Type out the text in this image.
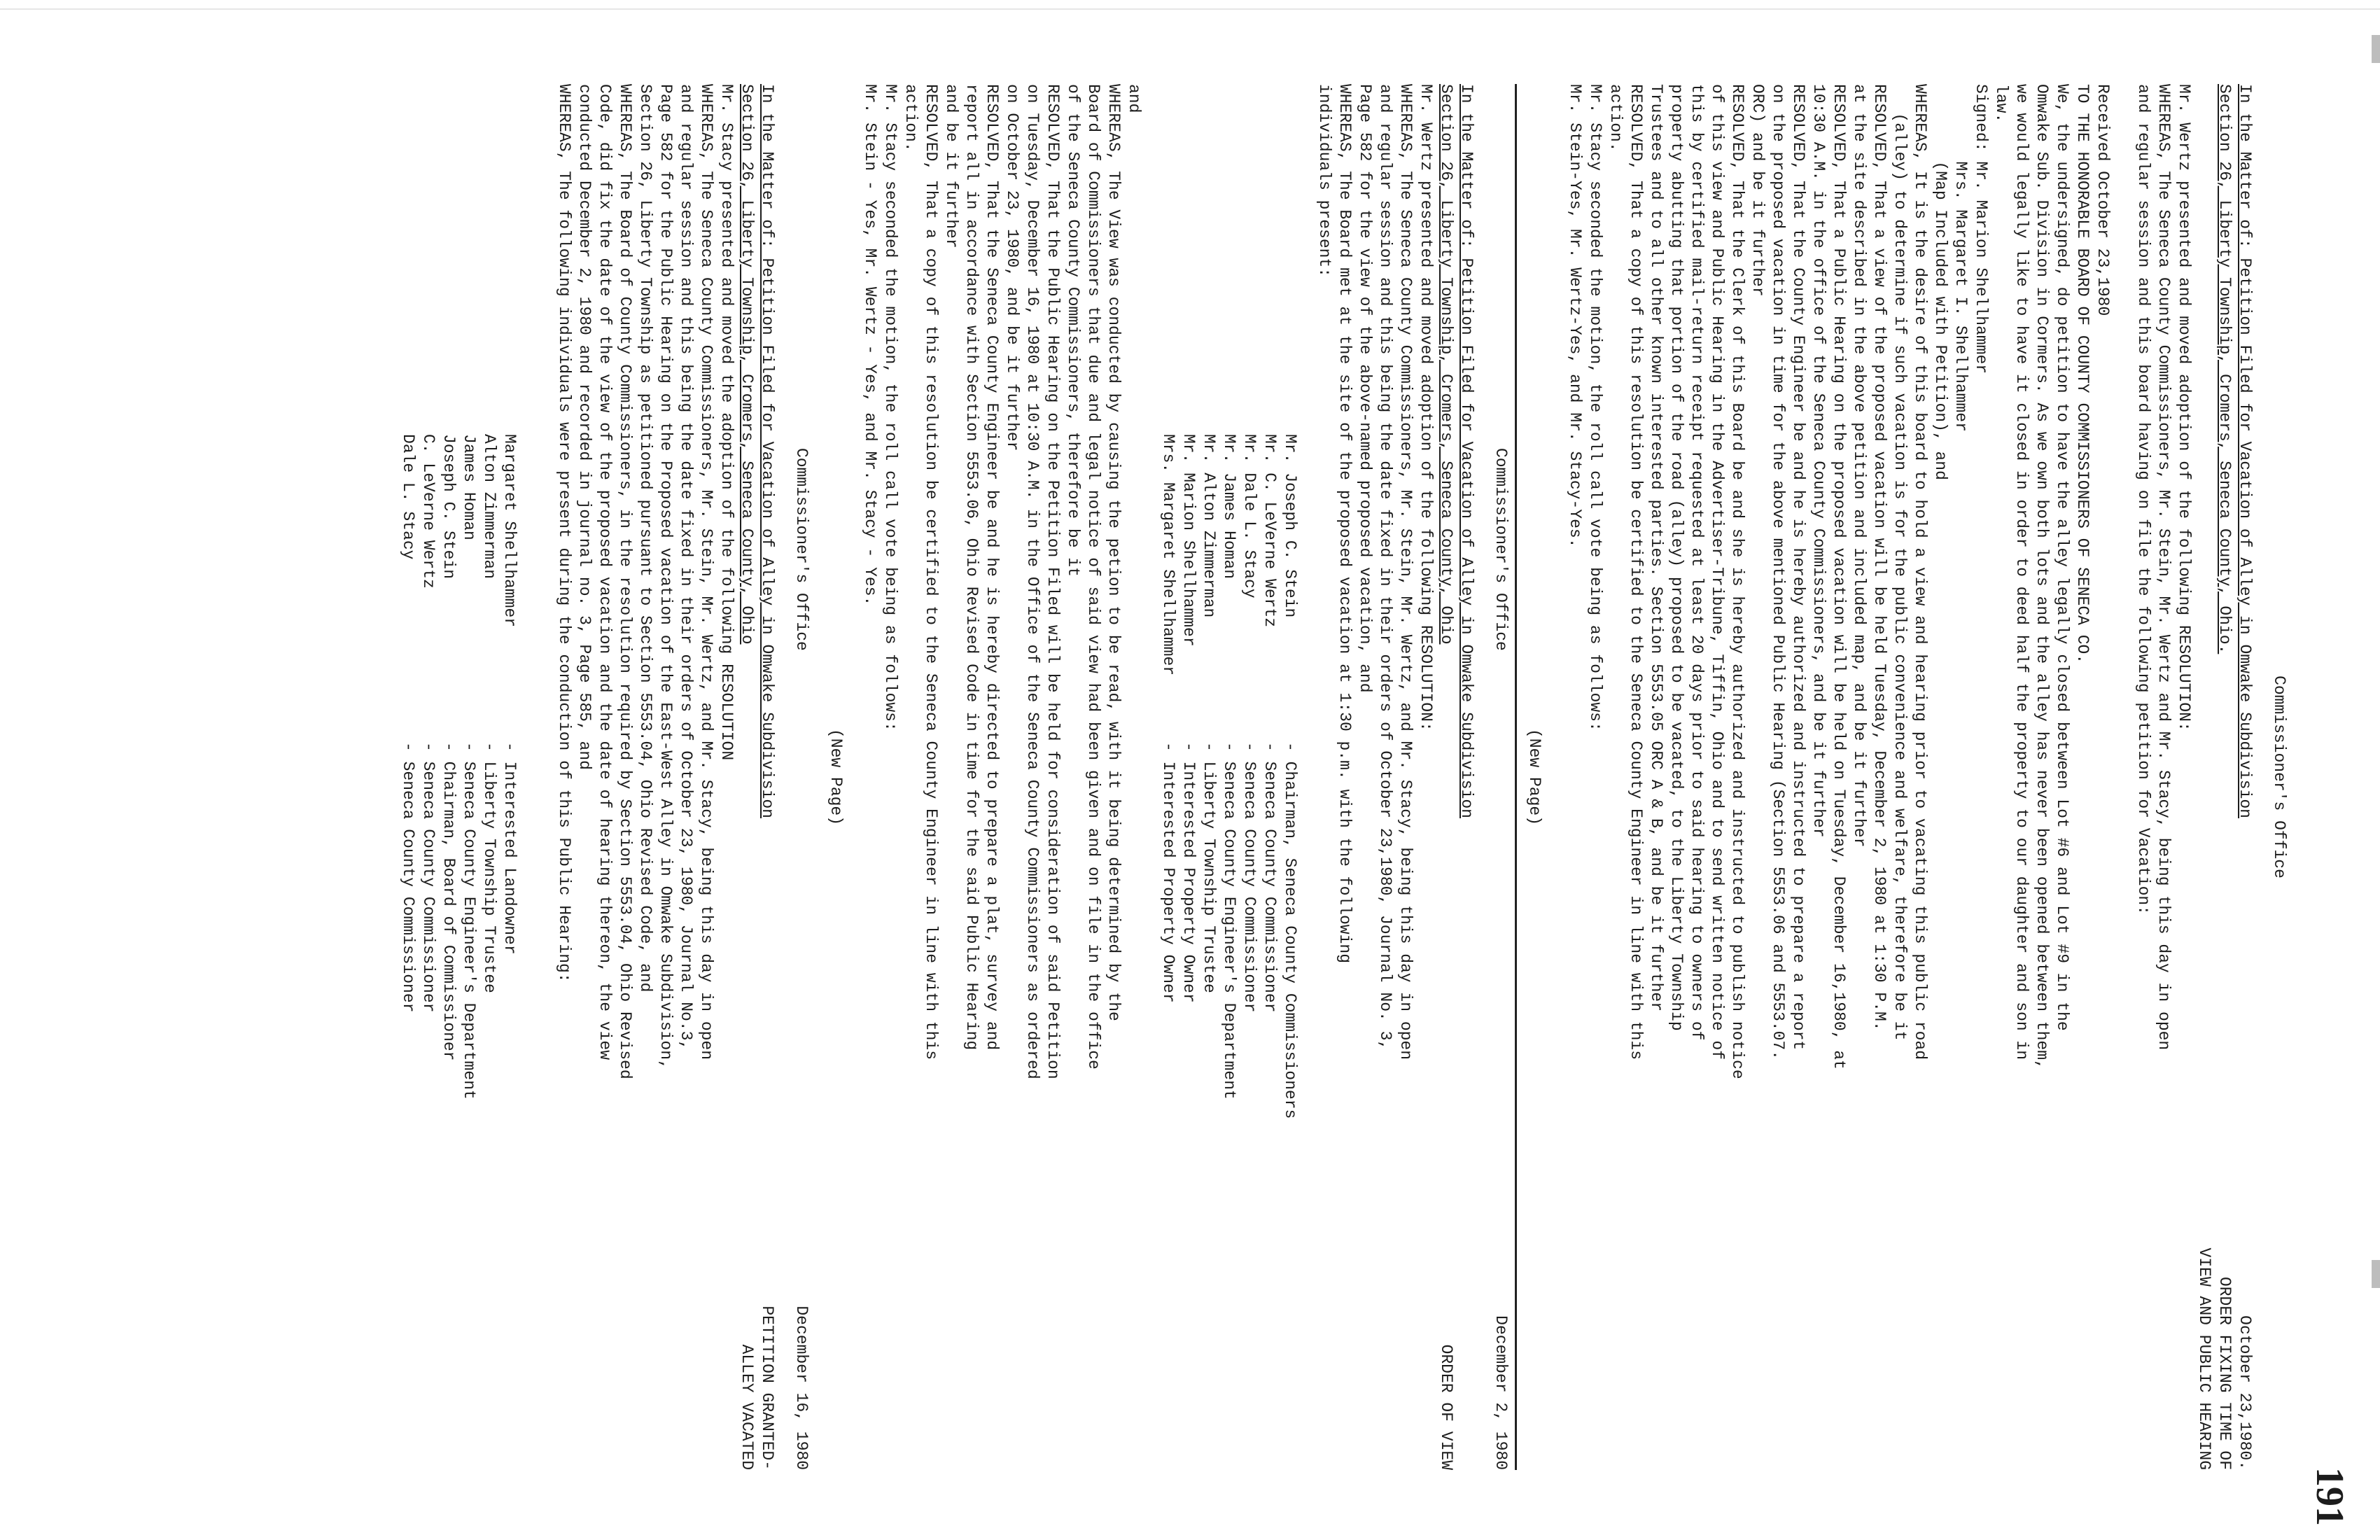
191
Commissioner's Office
In the Matter of: Petition Filed for Vacation of Alley in Omwake Subdivision
October 23,1980.
Section 26, Liberty Township, Cromers, Seneca County, Ohio.
ORDER FIXING TIME OF
VIEW AND PUBLIC HEARING
Mr. Wertz presented and moved adoption of the following RESOLUTION:
WHEREAS, The Seneca County Commissioners, Mr. Stein, Mr. Wertz and Mr. Stacy, being this day in open
and regular session and this board having on file the following petition for Vacation:
Received October 23,1980
TO THE HONORABLE BOARD OF COUNTY COMMISSIONERS OF SENECA CO.
We, the undersigned, do petition to have the alley legally closed between Lot #6 and Lot #9 in the
Omwake Sub. Division in Cormers. As we own both lots and the alley has never been opened between them,
we would legally like to have it closed in order to deed half the property to our daughter and son in
law.
Signed: Mr. Marion Shellhammer
Mrs. Margaret I. Shellhammer
(Map Included with Petition), and
WHEREAS, It is the desire of this board to hold a view and hearing prior to vacating this public road
(alley) to determine if such vacation is for the public convenience and welfare, therefore be it
RESOLVED, That a view of the proposed vacation will be held Tuesday, December 2, 1980 at 1:30 P.M.
at the site described in the above petition and included map, and be it further
RESOLVED, That a Public Hearing on the proposed vacation will be held on Tuesday, December 16,1980, at
10:30 A.M. in the office of the Seneca County Commissioners, and be it further
RESOLVED, That the County Engineer be and he is hereby authorized and instructed to prepare a report
on the proposed vacation in time for the above mentioned Public Hearing (Section 5553.06 and 5553.07.
ORC) and be it further
RESOLVED, That the Clerk of this Board be and she is hereby authorized and instructed to publish notice
of this view and Public Hearing in the Advertiser-Tribune, Tiffin, Ohio and to send written notice of
this by certified mail-return receipt requested at least 20 days prior to said hearing to owners of
property abutting that portion of the road (alley) proposed to be vacated, to the Liberty Township
Trustees and to all other known interested parties. Section 5553.05 ORC A & B, and be it further
RESOLVED, That a copy of this resolution be certified to the Seneca County Engineer in line with this
action.
Mr. Stacy seconded the motion, the roll call vote being as follows:
Mr. Stein-Yes, Mr. Wertz-Yes, and Mr. Stacy-Yes.
(New Page)
Commissioner's Office
December 2, 1980
In the Matter of: Petition Filed for Vacation of Alley in Omwake Subdivision
Section 26, Liberty Township, Cromers, Seneca County, Ohio
ORDER OF VIEW
Mr. Wertz presented and moved adoption of the following RESOLUTION:
WHEREAS, The Seneca County Commissioners, Mr. Stein, Mr. Wertz, and Mr. Stacy, being this day in open
and regular session and this being the date fixed in their orders of October 23,1980, Journal No. 3,
Page 582 for the view of the above-named proposed vacation, and
WHEREAS, The Board met at the site of the proposed vacation at 1:30 p.m. with the following
individuals present:
Mr. Joseph C. Stein
- Chairman, Seneca County Commissioners
Mr. C. LeVerne Wertz
- Seneca County Commissioner
Mr. Dale L. Stacy
- Seneca County Commissioner
Mr. James Homan
- Seneca County Engineer's Department
Mr. Alton Zimmerman
- Liberty Township Trustee
Mr. Marion Shellhammer
- Interested Property Owner
Mrs. Margaret Shellhammer
- Interested Property Owner
and
WHEREAS, The View was conducted by causing the petion to be read, with it being determined by the
Board of Commissioners that due and legal notice of said view had been given and on file in the office
of the Seneca County Commissioners, therefore be it
RESOLVED, That the Public Hearing on the Petition Filed will be held for consideration of said Petition
on Tuesday, December 16, 1980 at 10:30 A.M. in the Office of the Seneca County Commissioners as ordered
on October 23, 1980, and be it further
RESOLVED, That the Seneca County Engineer be and he is hereby directed to prepare a plat, survey and
report all in accordance with Section 5553.06, Ohio Revised Code in time for the said Public Hearing
and be it further
RESOLVED, That a copy of this resolution be certified to the Seneca County Engineer in line with this
action.
Mr. Stacy seconded the motion, the roll call vote being as follows:
Mr. Stein - Yes, Mr. Wertz - Yes, and Mr. Stacy - Yes.
(New Page)
Commissioner's Office
December 16, 1980
In the Matter of: Petition Filed for Vacation of Alley in Omwake Subdivision
PETITION GRANTED-
Section 26, Liberty Township, Cromers, Seneca County, Ohio
ALLEY VACATED
Mr. Stacy presented and moved the adoption of the following RESOLUTION
WHEREAS, The Seneca County Commissioners, Mr. Stein, Mr. Wertz, and Mr. Stacy, being this day in open
and regular session and this being the date fixed in their orders of October 23, 1980, Journal No.3,
Page 582 for the Public Hearing on the Proposed vacation of the East-West Alley in Omwake Subdivision,
Section 26, Liberty Township as petitioned pursuant to Section 5553.04, Ohio Revised Code, and
WHEREAS, The Board of County Commissioners, in the resolution required by Section 5553.04, Ohio Revised
Code, did fix the date of the view of the proposed vacation and the date of hearing thereon, the view
conducted December 2, 1980 and recorded in journal no. 3, Page 585, and
WHEREAS, The following individuals were present during the conduction of this Public Hearing:
Margaret Shellhammer
- Interested Landowner
Alton Zimmerman
- Liberty Township Trustee
James Homan
- Seneca County Engineer's Department
Joseph C. Stein
- Chairman, Board of Commissioner
C. LeVerne Wertz
- Seneca County Commissioner
Dale L. Stacy
- Seneca County Commissioner
